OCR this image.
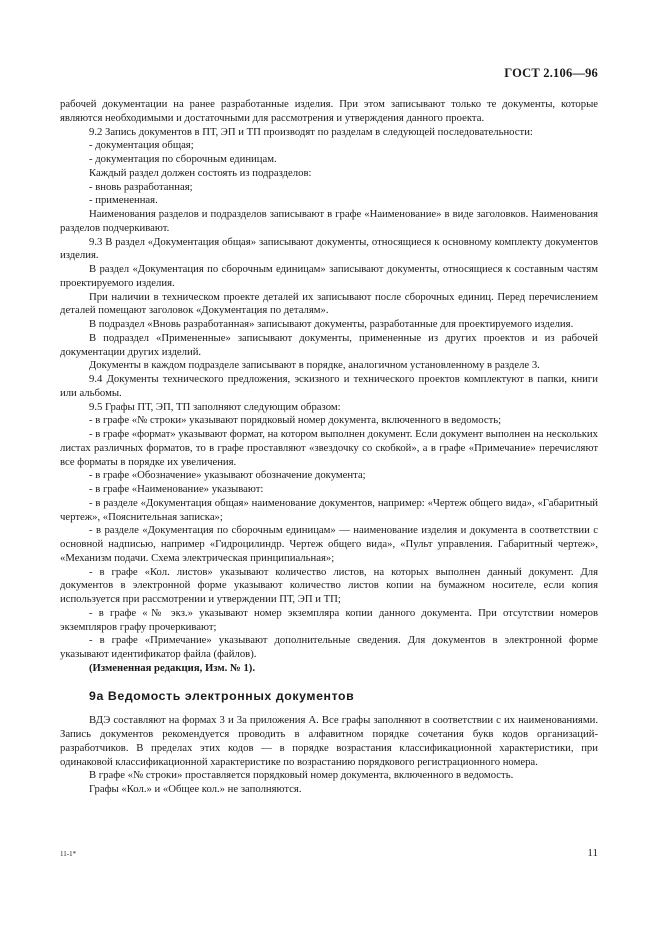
ГОСТ 2.106—96

рабочей документации на ранее разработанные изделия. При этом записывают только те документы, которые являются необходимыми и достаточными для рассмотрения и утверждения данного проекта.

9.2 Запись документов в ПТ, ЭП и ТП производят по разделам в следующей последовательности:

- документация общая;

- документация по сборочным единицам.

Каждый раздел должен состоять из подразделов:

- вновь разработанная;

- примененная.

Наименования разделов и подразделов записывают в графе «Наименование» в виде заголовков. Наименования разделов подчеркивают.

9.3 В раздел «Документация общая» записывают документы, относящиеся к основному комплекту документов изделия.

В раздел «Документация по сборочным единицам» записывают документы, относящиеся к составным частям проектируемого изделия.

При наличии в техническом проекте деталей их записывают после сборочных единиц. Перед перечислением деталей помещают заголовок «Документация по деталям».

В подраздел «Вновь разработанная» записывают документы, разработанные для проектируемого изделия.

В подраздел «Примененные» записывают документы, примененные из других проектов и из рабочей документации других изделий.

Документы в каждом подразделе записывают в порядке, аналогичном установленному в разделе 3.

9.4 Документы технического предложения, эскизного и технического проектов комплектуют в папки, книги или альбомы.

9.5 Графы ПТ, ЭП, ТП заполняют следующим образом:

- в графе «№ строки» указывают порядковый номер документа, включенного в ведомость;

- в графе «формат» указывают формат, на котором выполнен документ. Если документ выполнен на нескольких листах различных форматов, то в графе проставляют «звездочку со скобкой», а в графе «Примечание» перечисляют все форматы в порядке их увеличения.

- в графе «Обозначение» указывают обозначение документа;

- в графе «Наименование» указывают:

- в разделе «Документация общая» наименование документов, например: «Чертеж общего вида», «Габаритный чертеж», «Пояснительная записка»;

- в разделе «Документация по сборочным единицам» — наименование изделия и документа в соответствии с основной надписью, например «Гидроцилиндр. Чертеж общего вида», «Пульт управления. Габаритный чертеж», «Механизм подачи. Схема электрическая принципиальная»;

- в графе «Кол. листов» указывают количество листов, на которых выполнен данный документ. Для документов в электронной форме указывают количество листов копии на бумажном носителе, если копия используется при рассмотрении и утверждении ПТ, ЭП и ТП;

- в графе «№ экз.» указывают номер экземпляра копии данного документа. При отсутствии номеров экземпляров графу прочеркивают;

- в графе «Примечание» указывают дополнительные сведения. Для документов в электронной форме указывают идентификатор файла (файлов).

(Измененная редакция, Изм. № 1).

9а Ведомость электронных документов

ВДЭ составляют на формах 3 и 3а приложения А. Все графы заполняют в соответствии с их наименованиями. Запись документов рекомендуется проводить в алфавитном порядке сочетания букв кодов организаций-разработчиков. В пределах этих кодов — в порядке возрастания классификационной характеристики, при одинаковой классификационной характеристике по возрастанию порядкового регистрационного номера.

В графе «№ строки» проставляется порядковый номер документа, включенного в ведомость.

Графы «Кол.» и «Общее кол.» не заполняются.

11-1*	11
